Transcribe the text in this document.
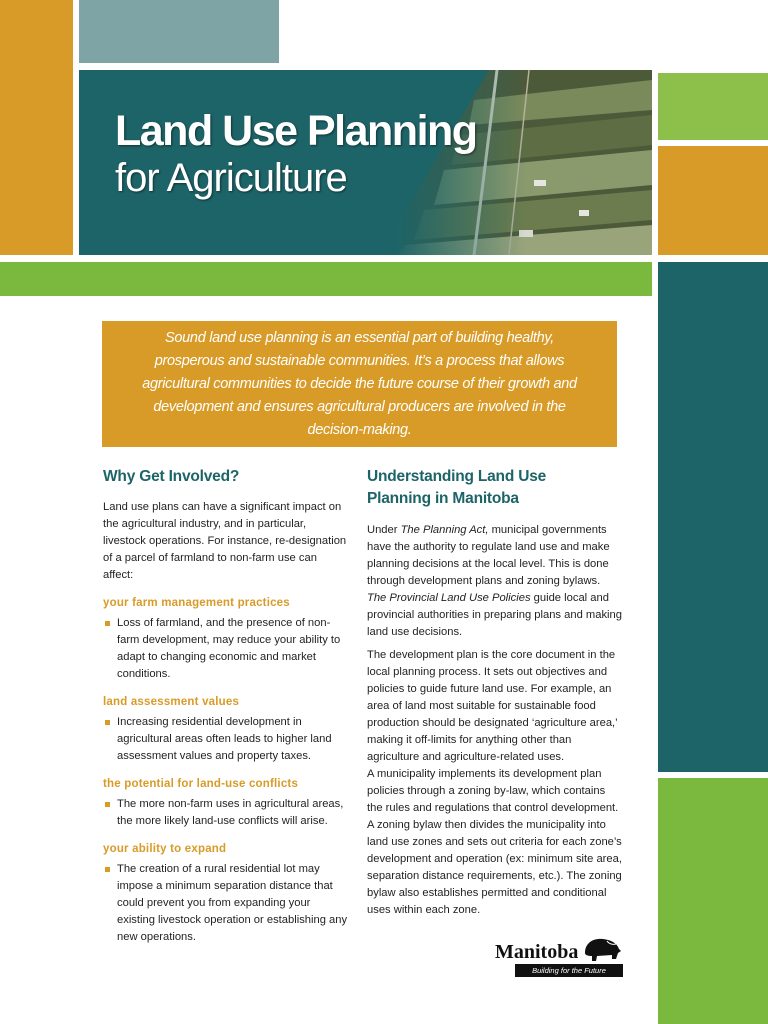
Land Use Planning
for Agriculture

Sound land use planning is an essential part of building healthy, prosperous and sustainable communities. It’s a process that allows agricultural communities to decide the future course of their growth and development and ensures agricultural producers are involved in the decision-making.

Why Get Involved?

Land use plans can have a significant impact on the agricultural industry, and in particular, livestock operations. For instance, re-designation of a parcel of farmland to non-farm use can affect:

your farm management practices
Loss of farmland, and the presence of non-farm development, may reduce your ability to adapt to changing economic and market conditions.
land assessment values
Increasing residential development in agricultural areas often leads to higher land assessment values and property taxes.
the potential for land-use conflicts
The more non-farm uses in agricultural areas, the more likely land-use conflicts will arise.
your ability to expand
The creation of a rural residential lot may impose a minimum separation distance that could prevent you from expanding your existing livestock operation or establishing any new operations.
Understanding Land Use Planning in Manitoba

Under The Planning Act, municipal governments have the authority to regulate land use and make planning decisions at the local level. This is done through development plans and zoning bylaws. The Provincial Land Use Policies guide local and provincial authorities in preparing plans and making land use decisions.

The development plan is the core document in the local planning process. It sets out objectives and policies to guide future land use. For example, an area of land most suitable for sustainable food production should be designated ‘agriculture area,’ making it off-limits for anything other than agriculture and agriculture-related uses.

A municipality implements its development plan policies through a zoning by-law, which contains the rules and regulations that control development. A zoning bylaw then divides the municipality into land use zones and sets out criteria for each zone’s development and operation (ex: minimum site area, separation distance requirements, etc.). The zoning bylaw also establishes permitted and conditional uses within each zone.

Manitoba
Building for the Future
